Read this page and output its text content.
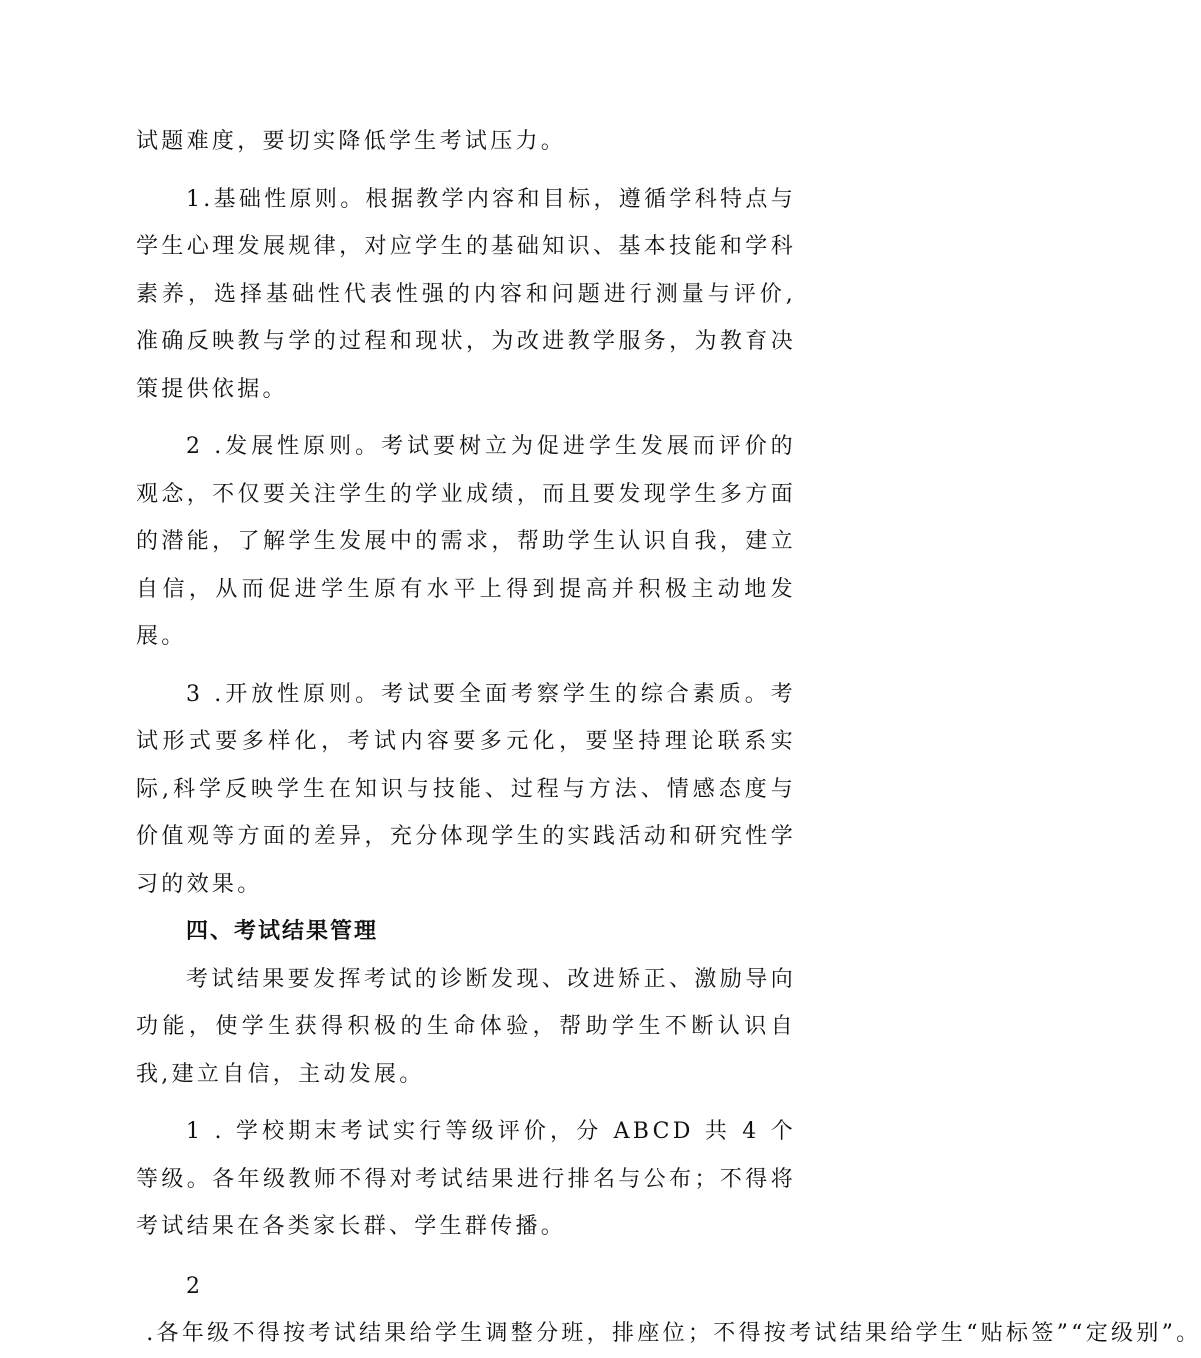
试题难度，要切实降低学生考试压力。

1.基础性原则。根据教学内容和目标，遵循学科特点与学生心理发展规律，对应学生的基础知识、基本技能和学科素养，选择基础性代表性强的内容和问题进行测量与评价,准确反映教与学的过程和现状，为改进教学服务，为教育决策提供依据。

2 .发展性原则。考试要树立为促进学生发展而评价的观念，不仅要关注学生的学业成绩，而且要发现学生多方面的潜能，了解学生发展中的需求，帮助学生认识自我，建立自信，从而促进学生原有水平上得到提高并积极主动地发展。

3 .开放性原则。考试要全面考察学生的综合素质。考试形式要多样化，考试内容要多元化，要坚持理论联系实际,科学反映学生在知识与技能、过程与方法、情感态度与价值观等方面的差异，充分体现学生的实践活动和研究性学习的效果。

四、考试结果管理

考试结果要发挥考试的诊断发现、改进矫正、激励导向功能，使学生获得积极的生命体验，帮助学生不断认识自我,建立自信，主动发展。

1 . 学校期末考试实行等级评价，分 ABCD 共 4 个等级。各年级教师不得对考试结果进行排名与公布；不得将考试结果在各类家长群、学生群传播。

2 .各年级不得按考试结果给学生调整分班，排座位；不得按考试结果给学生“贴标签”“定级别”。
